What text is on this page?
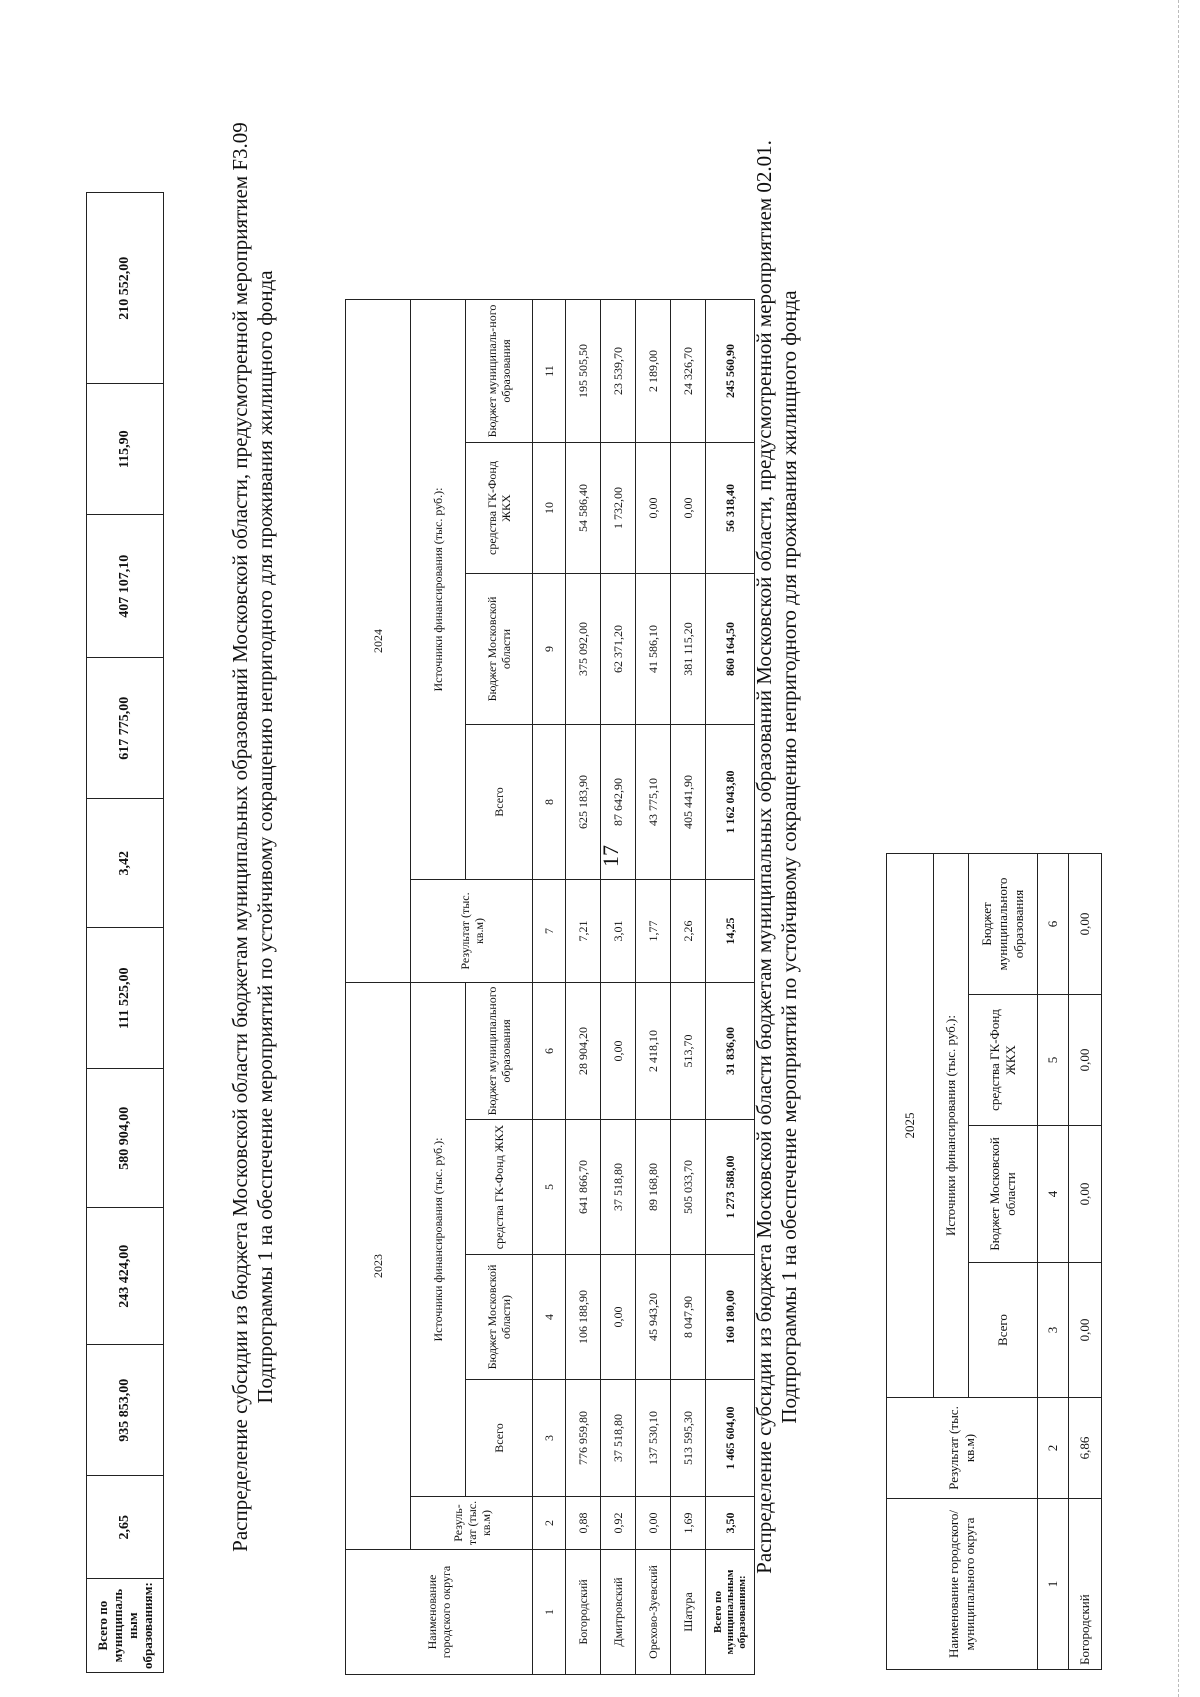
17
Всего по муниципаль ным образованиям:	2,65	935 853,00	243 424,00	580 904,00	111 525,00	3,42	617 775,00	407 107,10	115,90	210 552,00	Распределение субсидии из бюджета Московской области бюджетам муниципальных образований Московской области, предусмотренной мероприятием F3.09 Подпрограммы 1 на обеспечение мероприятий по устойчивому сокращению непригодного для проживания жилищного фонда
Наименование городского округа	2023					2024				
	Резуль-тат (тыс. кв.м)	Источники финансирования (тыс. руб.):				Результат (тыс. кв.м)	Источники финансирования (тыс. руб.):			
		Всего	Бюджет Московской области)	средства ГК-Фонд ЖКХ	Бюджет муниципального образования		Всего	Бюджет Московской области	средства ГК-Фонд ЖКХ	Бюджет муниципаль-ного образования
1	2	3	4	5	6	7	8	9	10	11
Богородский	0,88	776 959,80	106 188,90	641 866,70	28 904,20	7,21	625 183,90	375 092,00	54 586,40	195 505,50
Дмитровский	0,92	37 518,80	0,00	37 518,80	0,00	3,01	87 642,90	62 371,20	1 732,00	23 539,70
Орехово-Зуевский	0,00	137 530,10	45 943,20	89 168,80	2 418,10	1,77	43 775,10	41 586,10	0,00	2 189,00
Шатура	1,69	513 595,30	8 047,90	505 033,70	513,70	2,26	405 441,90	381 115,20	0,00	24 326,70
Всего по муниципальным образованиям:	3,50	1 465 604,00	160 180,00	1 273 588,00	31 836,00	14,25	1 162 043,80	860 164,50	56 318,40	245 560,90 Распределение субсидии из бюджета Московской области бюджетам муниципальных образований Московской области, предусмотренной мероприятием 02.01. Подпрограммы 1 на обеспечение мероприятий по устойчивому сокращению непригодного для проживания жилищного фонда
Наименование городского/муниципального округа	Результат (тыс. кв.м)	2025			
		Источники финансирования (тыс. руб.):			
		Всего	Бюджет Московской области	средства ГК-Фонд ЖКХ	Бюджет муниципального образования
1	2	3	4	5	6
Богородский	6,86	0,00	0,00	0,00	0,00
